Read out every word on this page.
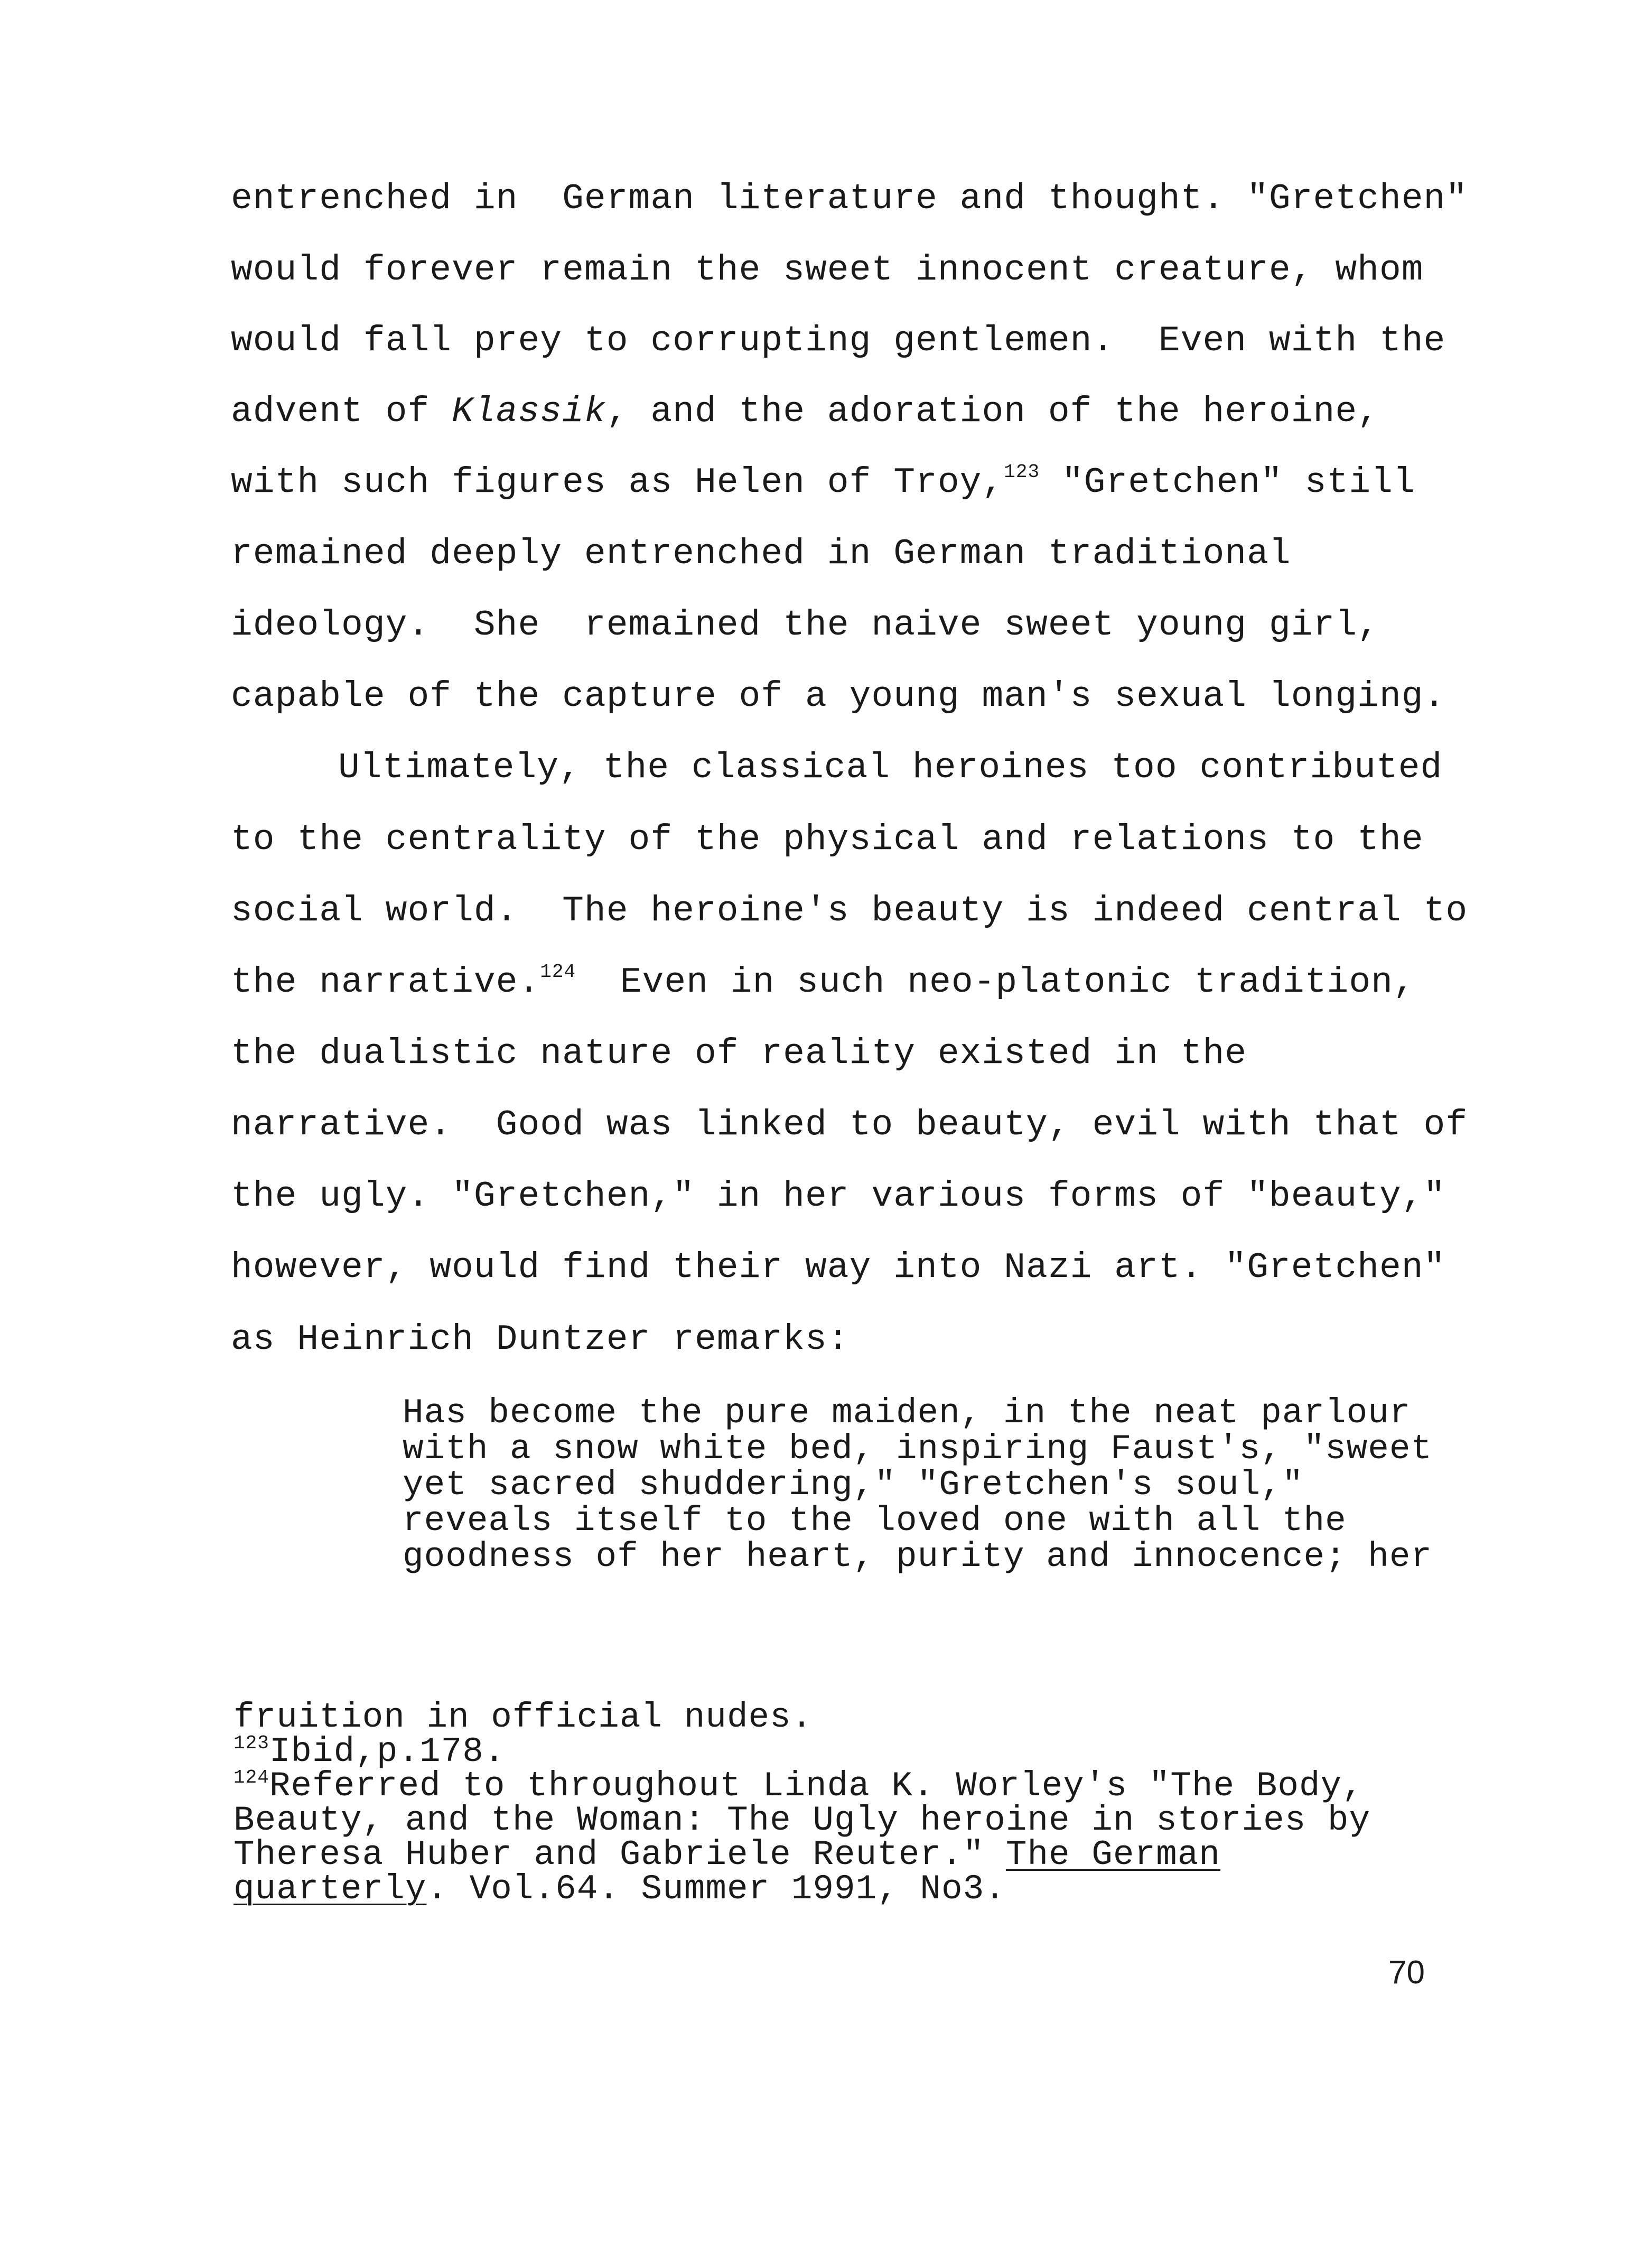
entrenched in  German literature and thought. "Gretchen"
would forever remain the sweet innocent creature, whom
would fall prey to corrupting gentlemen.  Even with the
advent of Klassik, and the adoration of the heroine,
with such figures as Helen of Troy,$^{123}$ "Gretchen" still
remained deeply entrenched in German traditional
ideology.  She  remained the naive sweet young girl,
capable of the capture of a young man's sexual longing.
Ultimately, the classical heroines too contributed
to the centrality of the physical and relations to the
social world.  The heroine's beauty is indeed central to
the narrative.$^{124}$  Even in such neo-platonic tradition,
the dualistic nature of reality existed in the
narrative.  Good was linked to beauty, evil with that of
the ugly. "Gretchen," in her various forms of "beauty,"
however, would find their way into Nazi art. "Gretchen"
as Heinrich Duntzer remarks:
Has become the pure maiden, in the neat parlour
with a snow white bed, inspiring Faust's, "sweet
yet sacred shuddering," "Gretchen's soul,"
reveals itself to the loved one with all the
goodness of her heart, purity and innocence; her
fruition in official nudes.
$^{123}$Ibid,p.178.
$^{124}$Referred to throughout Linda K. Worley's "The Body,
Beauty, and the Woman: The Ugly heroine in stories by
Theresa Huber and Gabriele Reuter." The German
quarterly. Vol.64. Summer 1991, No3.
70
